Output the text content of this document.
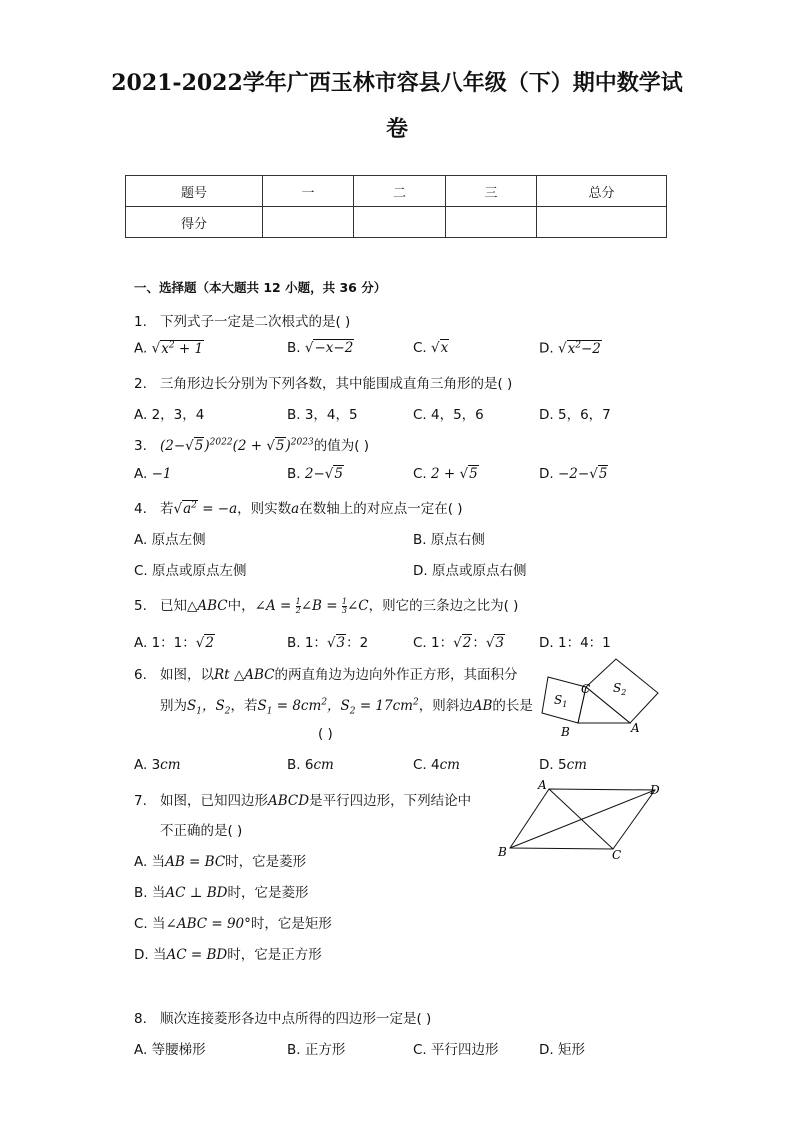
2021-2022学年广西玉林市容县八年级（下）期中数学试
卷
题号	一	二	三	总分
得分				
一、选择题（本大题共 12 小题，共 36 分）
1. 下列式子一定是二次根式的是( )
A. $√x^2 + 1$	B. √−x−2	C. √x	D. $√x^2-2$
2. 三角形边长分别为下列各数，其中能围成直角三角形的是( )
A. 2，3，4	B. 3，4，5	C. 4，5，6	D. 5，6，7
3. $(2-√5)^{2022}(2 + √5)^{2023}$的值为( )
A. −1	B. 2−√5	C. 2 + √5	D. −2−√5
4. 若$√a^2 = -a$，则实数a在数轴上的对应点一定在( )
A. 原点左侧	B. 原点右侧
C. 原点或原点左侧	D. 原点或原点右侧
5. 已知△ABC中，∠A = $\frac{1}{2}$ ∠B = $\frac{1}{3}$ ∠C，则它的三条边之比为( )
A. 1：1：√2	B. 1：√3：2	C. 1：√2：√3	D. 1：4：1
6. 如图，以Rt △ABC的两直角边为边向外作正方形，其面积分
别为$S_1$，$S_2$，若$S_1 = 8cm^2$，$S_2 = 17cm^2$，则斜边AB的长是
( )
A. 3cm	B. 6cm	C. 4cm	D. 5cm
$S_1$
C $S_2$
B	A
7. 如图，已知四边形ABCD是平行四边形，下列结论中
不正确的是( )
A. 当AB = BC时，它是菱形
B. 当AC ⊥ BD时，它是菱形
C. 当∠ABC = 90°时，它是矩形
D. 当AC = BD时，它是正方形
A	D
B	C
8. 顺次连接菱形各边中点所得的四边形一定是( )
A. 等腰梯形	B. 正方形	C. 平行四边形	D. 矩形
